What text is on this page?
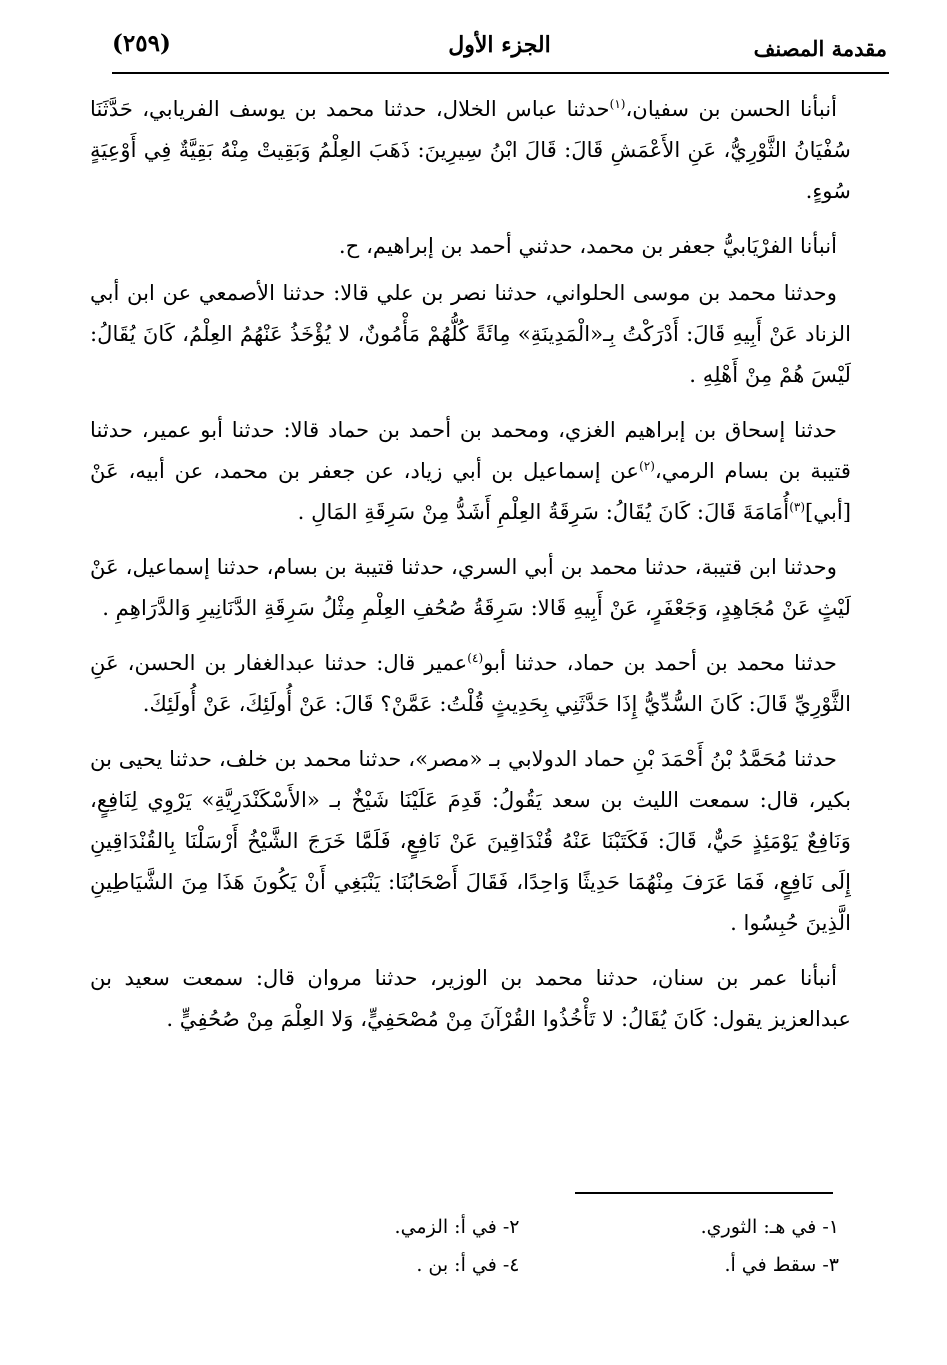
مقدمة المصنف
الجزء الأول
(٢٥٩)

أنبأنا الحسن بن سفيان،$^{(١)}$حدثنا عباس الخلال، حدثنا محمد بن يوسف الفريابي، حَدَّثَنَا سُفْيَانُ الثَّوْرِيُّ، عَنِ الأَعْمَشِ قَالَ: قَالَ ابْنُ سِيرِينَ: ذَهَبَ العِلْمُ وَبَقِيتْ مِنْهُ بَقِيَّةٌ فِي أَوْعِيَةٍ سُوءٍ.

أنبأنا الفرْيَابيُّ جعفر بن محمد، حدثني أحمد بن إبراهيم، ح.

وحدثنا محمد بن موسى الحلواني، حدثنا نصر بن علي قالا: حدثنا الأصمعي عن ابن أبي الزناد عَنْ أَبِيهِ قَالَ: أَدْرَكْتُ بِـ«الْمَدِينَةِ» مِائَةً كُلُّهُمْ مَأْمُونٌ، لا يُؤْخَذُ عَنْهُمُ العِلْمُ، كَانَ يُقَالُ: لَيْسَ هُمْ مِنْ أَهْلِهِ .

حدثنا إسحاق بن إبراهيم الغزي، ومحمد بن أحمد بن حماد قالا: حدثنا أبو عمير، حدثنا قتيبة بن بسام الرمي،$^{(٢)}$عن إسماعيل بن أبي زياد، عن جعفر بن محمد، عن أبيه، عَنْ [أبي]$^{(٣)}$أُمَامَةَ قَالَ: كَانَ يُقَالُ: سَرِقَةُ العِلْمِ أَشَدُّ مِنْ سَرِقَةِ المَالِ .

وحدثنا ابن قتيبة، حدثنا محمد بن أبي السري، حدثنا قتيبة بن بسام، حدثنا إسماعيل، عَنْ لَيْثٍ عَنْ مُجَاهِدٍ، وَجَعْفَرٍ، عَنْ أَبِيهِ قَالا: سَرِقَةُ صُحُفِ العِلْمِ مِثْلُ سَرِقَةِ الدَّنَانِيرِ وَالدَّرَاهِمِ .

حدثنا محمد بن أحمد بن حماد، حدثنا أبو$^{(٤)}$عمير قال: حدثنا عبدالغفار بن الحسن، عَنِ الثَّوْرِيِّ قَالَ: كَانَ السُّدِّيُّ إِذَا حَدَّثَنِي بِحَدِيثٍ قُلْتُ: عَمَّنْ؟ قَالَ: عَنْ أُولَئِكَ، عَنْ أُولَئِكَ.

حدثنا مُحَمَّدُ بْنُ أَحْمَدَ بْنِ حماد الدولابي بـ «مصر»، حدثنا محمد بن خلف، حدثنا يحيى بن بكير، قال: سمعت الليث بن سعد يَقُولُ: قَدِمَ عَلَيْنَا شَيْخٌ بـ «الأَسْكَنْدَرِيَّةِ» يَرْوِي لِنَافِعٍ، وَنَافِعٌ يَوْمَئِذٍ حَيٌّ، قَالَ: فَكَتَبْنَا عَنْهُ قُنْدَاقِينَ عَنْ نَافِعٍ، فَلَمَّا خَرَجَ الشَّيْخُ أَرْسَلْنَا بِالقُنْدَاقِينِ إِلَى نَافِعٍ، فَمَا عَرَفَ مِنْهُمَا حَدِيثًا وَاحِدًا، فَقَالَ أَصْحَابُنَا: يَنْبَغِي أَنْ يَكُونَ هَذَا مِنَ الشَّيَاطِينِ الَّذِينَ حُبِسُوا .

أنبأنا عمر بن سنان، حدثنا محمد بن الوزير، حدثنا مروان قال: سمعت سعيد بن عبدالعزيز يقول: كَانَ يُقَالُ: لا تَأْخُذُوا القُرْآنَ مِنْ مُصْحَفِيٍّ، وَلا العِلْمَ مِنْ صُحُفِيٍّ .

١- في هـ: الثوري.
٢- في أ: الزمي.
٣- سقط في أ.
٤- في أ: بن .
